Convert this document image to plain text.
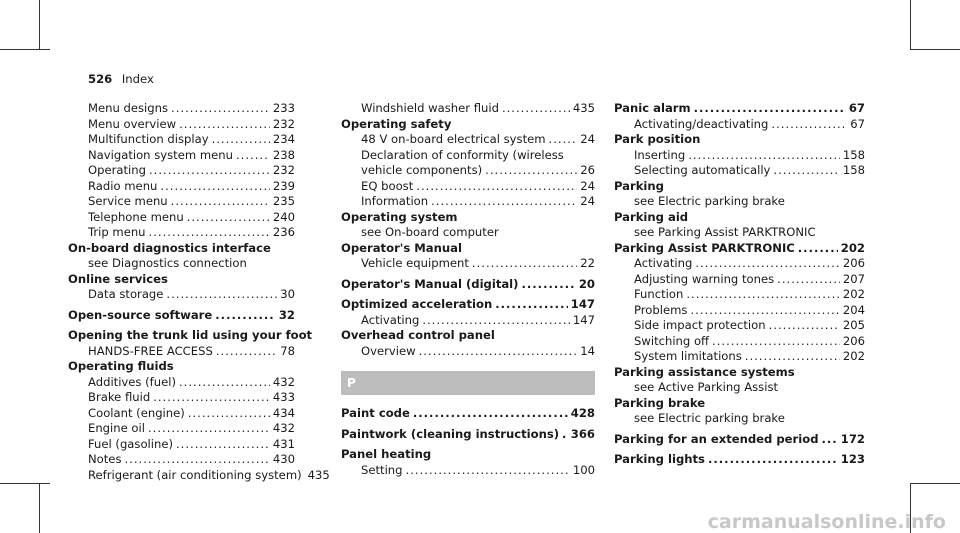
526 Index
Menu designs .....	233
Menu overview .....	232
Multifunction display .....	234
Navigation system menu .....	238
Operating .....	232
Radio menu .....	239
Service menu .....	235
Telephone menu .....	240
Trip menu .....	236
On-board diagnostics interface
see Diagnostics connection
Online services
Data storage .....	30
Open-source software .....	32
Opening the trunk lid using your foot
HANDS-FREE ACCESS .....	78
Operating fluids
Additives (fuel) .....	432
Brake fluid .....	433
Coolant (engine) .....	434
Engine oil .....	432
Fuel (gasoline) .....	431
Notes .....	430
Refrigerant (air conditioning system) 435
Windshield washer fluid .....	435
Operating safety
48 V on-board electrical system .....	24
Declaration of conformity (wireless
vehicle components) .....	26
EQ boost .....	24
Information .....	24
Operating system
see On-board computer
Operator's Manual
Vehicle equipment .....	22
Operator's Manual (digital) .....	20
Optimized acceleration .....	147
Activating .....	147
Overhead control panel
Overview .....	14
P
Paint code .....	428
Paintwork (cleaning instructions) ..... 366
Panel heating
Setting .....	100
Panic alarm .....	67
Activating/deactivating .....	67
Park position
Inserting .....	158
Selecting automatically .....	158
Parking
see Electric parking brake
Parking aid
see Parking Assist PARKTRONIC
Parking Assist PARKTRONIC .....	202
Activating .....	206
Adjusting warning tones .....	207
Function .....	202
Problems .....	204
Side impact protection .....	205
Switching off .....	206
System limitations .....	202
Parking assistance systems
see Active Parking Assist
Parking brake
see Electric parking brake
Parking for an extended period ..... 172
Parking lights .....	123
carmanualsonline.info
